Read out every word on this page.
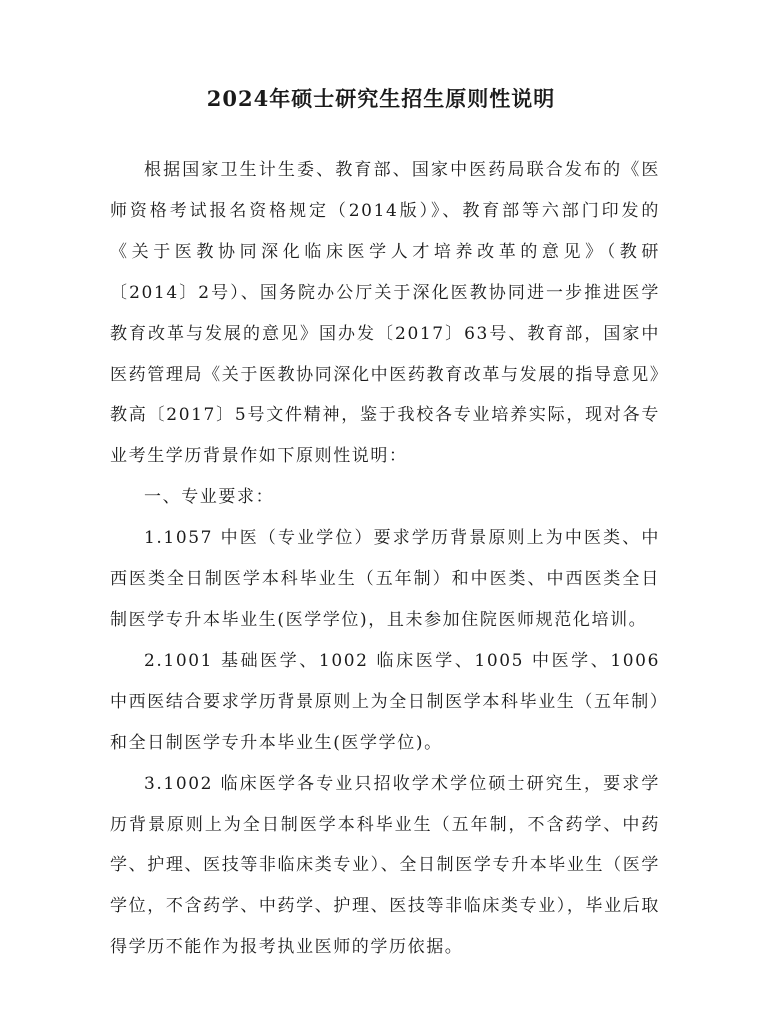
2024年硕士研究生招生原则性说明

根据国家卫生计生委、教育部、国家中医药局联合发布的《医师资格考试报名资格规定（2014版）》、教育部等六部门印发的《关于医教协同深化临床医学人才培养改革的意见》（教研〔2014〕2号）、国务院办公厅关于深化医教协同进一步推进医学教育改革与发展的意见》国办发〔2017〕63号、教育部，国家中医药管理局《关于医教协同深化中医药教育改革与发展的指导意见》教高〔2017〕5号文件精神，鉴于我校各专业培养实际，现对各专业考生学历背景作如下原则性说明：

一、专业要求：

1.1057 中医（专业学位）要求学历背景原则上为中医类、中西医类全日制医学本科毕业生（五年制）和中医类、中西医类全日制医学专升本毕业生(医学学位)，且未参加住院医师规范化培训。

2.1001 基础医学、1002 临床医学、1005 中医学、1006 中西医结合要求学历背景原则上为全日制医学本科毕业生（五年制）和全日制医学专升本毕业生(医学学位)。

3.1002 临床医学各专业只招收学术学位硕士研究生，要求学历背景原则上为全日制医学本科毕业生（五年制，不含药学、中药学、护理、医技等非临床类专业）、全日制医学专升本毕业生（医学学位，不含药学、中药学、护理、医技等非临床类专业），毕业后取得学历不能作为报考执业医师的学历依据。
